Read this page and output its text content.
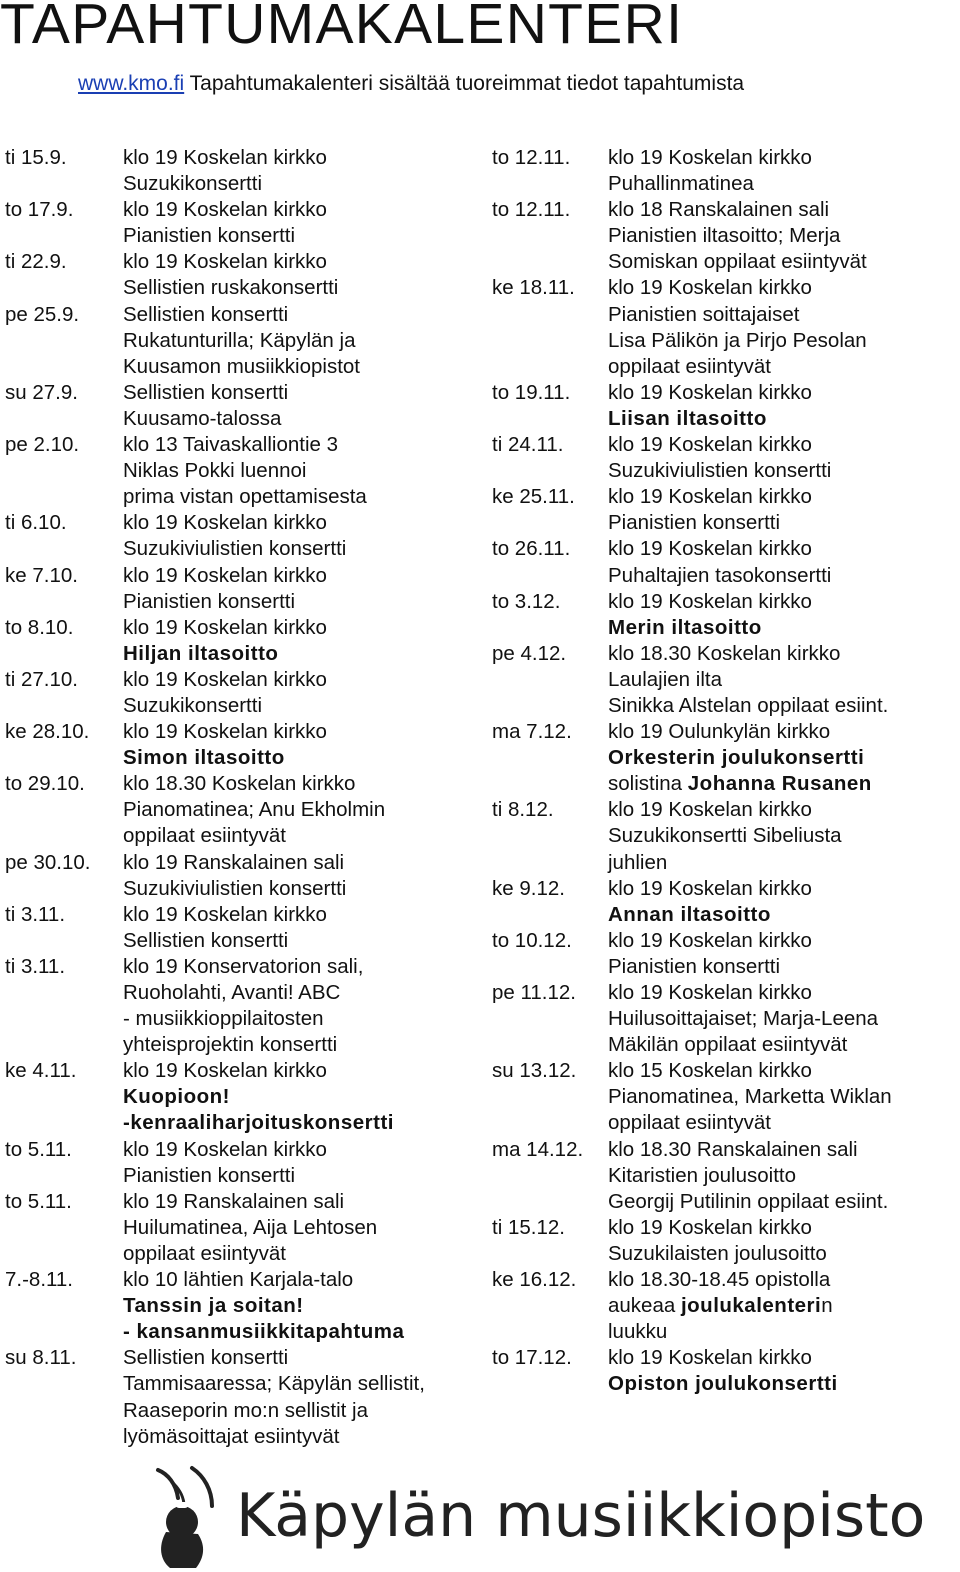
TAPAHTUMAKALENTERI
www.kmo.fi Tapahtumakalenteri sisältää tuoreimmat tiedot tapahtumista
ti 15.9.	klo 19 Koskelan kirkko
Suzukikonsertti
to 17.9.	klo 19 Koskelan kirkko
Pianistien konsertti
ti 22.9.	klo 19 Koskelan kirkko
Sellistien ruskakonsertti
pe 25.9.	Sellistien konsertti
Rukatunturilla; Käpylän ja
Kuusamon musiikkiopistot
su 27.9.	Sellistien konsertti
Kuusamo-talossa
pe 2.10.	klo 13 Taivaskalliontie 3
Niklas Pokki luennoi
prima vistan opettamisesta
ti 6.10.	klo 19 Koskelan kirkko
Suzukiviulistien konsertti
ke 7.10.	klo 19 Koskelan kirkko
Pianistien konsertti
to 8.10.	klo 19 Koskelan kirkko
Hiljan iltasoitto
ti 27.10.	klo 19 Koskelan kirkko
Suzukikonsertti
ke 28.10.	klo 19 Koskelan kirkko
Simon iltasoitto
to 29.10.	klo 18.30 Koskelan kirkko
Pianomatinea; Anu Ekholmin
oppilaat esiintyvät
pe 30.10.	klo 19 Ranskalainen sali
Suzukiviulistien konsertti
ti 3.11.	klo 19 Koskelan kirkko
Sellistien konsertti
ti 3.11.	klo 19 Konservatorion sali,
Ruoholahti, Avanti! ABC
- musiikkioppilaitosten
yhteisprojektin konsertti
ke 4.11.	klo 19 Koskelan kirkko
Kuopioon!
-kenraaliharjoituskonsertti
to 5.11.	klo 19 Koskelan kirkko
Pianistien konsertti
to 5.11.	klo 19 Ranskalainen sali
Huilumatinea, Aija Lehtosen
oppilaat esiintyvät
7.-8.11.	klo 10 lähtien Karjala-talo
Tanssin ja soitan!
- kansanmusiikkitapahtuma
su 8.11.	Sellistien konsertti
Tammisaaressa; Käpylän sellistit,
Raaseporin mo:n sellistit ja
lyömäsoittajat esiintyvät
to 12.11.	klo 19 Koskelan kirkko
Puhallinmatinea
to 12.11.	klo 18 Ranskalainen sali
Pianistien iltasoitto; Merja
Somiskan oppilaat esiintyvät
ke 18.11.	klo 19 Koskelan kirkko
Pianistien soittajaiset
Lisa Pälikön ja Pirjo Pesolan
oppilaat esiintyvät
to 19.11.	klo 19 Koskelan kirkko
Liisan iltasoitto
ti 24.11.	klo 19 Koskelan kirkko
Suzukiviulistien konsertti
ke 25.11.	klo 19 Koskelan kirkko
Pianistien konsertti
to 26.11.	klo 19 Koskelan kirkko
Puhaltajien tasokonsertti
to 3.12.	klo 19 Koskelan kirkko
Merin iltasoitto
pe 4.12.	klo 18.30 Koskelan kirkko
Laulajien ilta
Sinikka Alstelan oppilaat esiint.
ma 7.12.	klo 19 Oulunkylän kirkko
Orkesterin joulukonsertti
solistina Johanna Rusanen
ti 8.12.	klo 19 Koskelan kirkko
Suzukikonsertti Sibeliusta
juhlien
ke 9.12.	klo 19 Koskelan kirkko
Annan iltasoitto
to 10.12.	klo 19 Koskelan kirkko
Pianistien konsertti
pe 11.12.	klo 19 Koskelan kirkko
Huilusoittajaiset; Marja-Leena
Mäkilän oppilaat esiintyvät
su 13.12.	klo 15 Koskelan kirkko
Pianomatinea, Marketta Wiklan
oppilaat esiintyvät
ma 14.12.	klo 18.30 Ranskalainen sali
Kitaristien joulusoitto
Georgij Putilinin oppilaat esiint.
ti 15.12.	klo 19 Koskelan kirkko
Suzukilaisten joulusoitto
ke 16.12.	klo 18.30-18.45 opistolla
aukeaa joulukalenterin
luukku
to 17.12.	klo 19 Koskelan kirkko
Opiston joulukonsertti
Käpylän musiikkiopisto
